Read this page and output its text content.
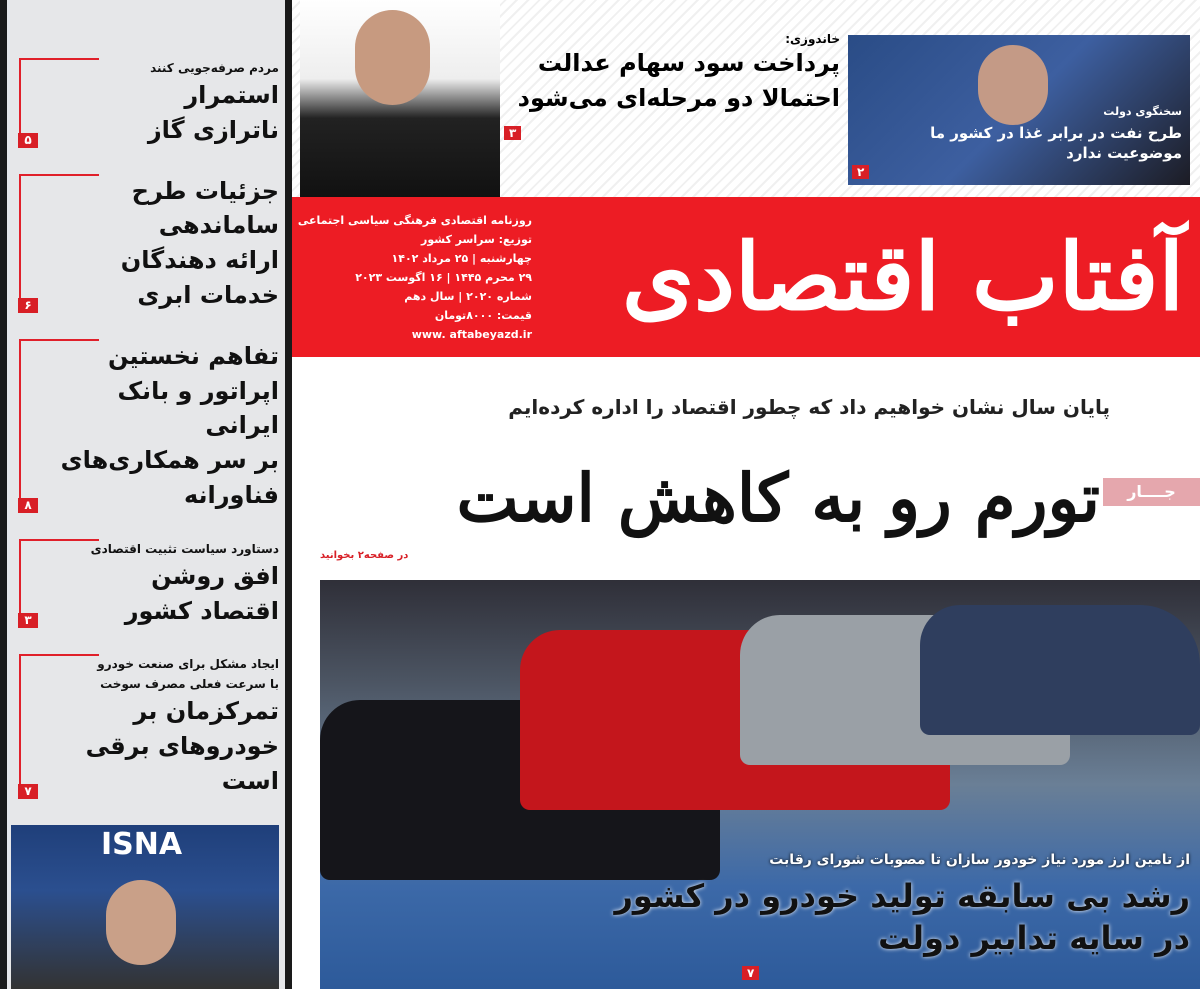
۵
مردم صرفه‌جویی کنند
استمرار
ناترازی گاز
۶
جزئیات طرح ساماندهی
ارائه دهندگان
خدمات ابری
۸
تفاهم نخستین
اپراتور و بانک ایرانی
بر سر همکاری‌های
فناورانه
۳
دستاورد سیاست تثبیت اقتصادی
افق روشن
اقتصاد کشور
۷
ایجاد مشکل برای صنعت خودرو
با سرعت فعلی مصرف سوخت
تمرکزمان بر
خودروهای برقی است
ISNA
خاندوزی:
پرداخت سود سهام عدالت
احتمالا دو مرحله‌ای می‌شود
۳
سخنگوی دولت
طرح نفت در برابر غذا در کشور ما موضوعیت ندارد
۲
آفتاب اقتصادی
روزنامه اقتصادی فرهنگی سیاسی اجتماعی
توزیع: سراسر کشور
چهارشنبه | ۲۵ مرداد ۱۴۰۲
۲۹ محرم ۱۴۴۵ | ۱۶ اگوست ۲۰۲۳
شماره ۲۰۲۰ | سال دهم
قیمت: ۸۰۰۰تومان
www. aftabeyazd.ir
پایان سال نشان خواهیم داد که چطور اقتصاد را اداره کرده‌ایم
جــــار
تورم رو به کاهش است
در صفحه۲ بخوانید
از تامین ارز مورد نیاز خودور سازان تا مصوبات شورای رقابت
رشد بی سابقه تولید خودرو در کشور
در سایه تدابیر دولت
۷
